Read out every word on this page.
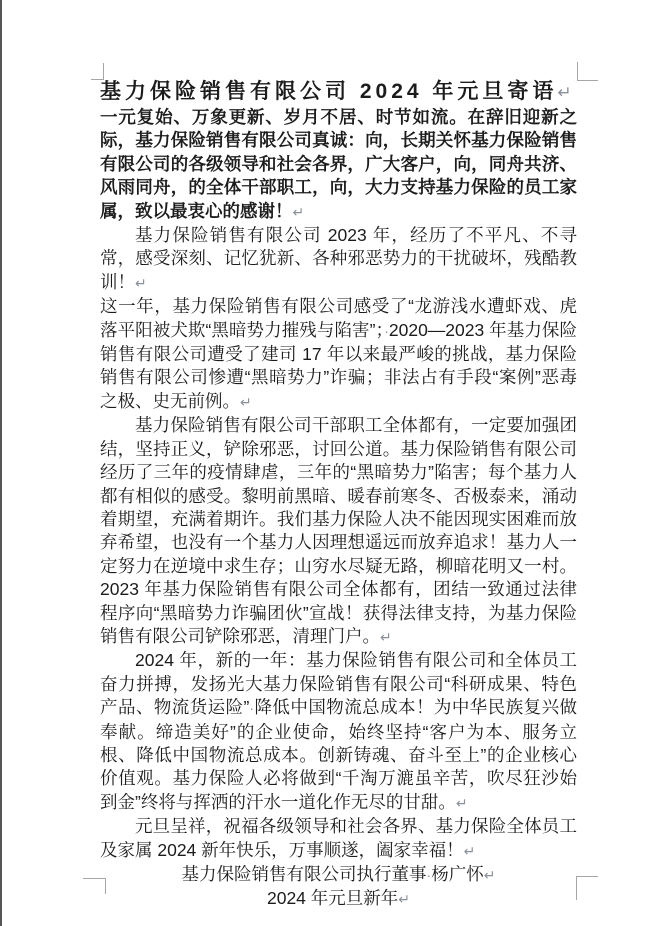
基力保险销售有限公司 2024 年元旦寄语↵

一元复始、万象更新、岁月不居、时节如流。在辞旧迎新之际，基力保险销售有限公司真诚：向，长期关怀基力保险销售有限公司的各级领导和社会各界，广大客户，向，同舟共济、风雨同舟，的全体干部职工，向，大力支持基力保险的员工家属，致以最衷心的感谢！↵

基力保险销售有限公司 2023 年，经历了不平凡、不寻常，感受深刻、记忆犹新、各种邪恶势力的干扰破坏，残酷教训！↵

这一年，基力保险销售有限公司感受了“龙游浅水遭虾戏、虎落平阳被犬欺“黑暗势力摧残与陷害”；·2020—2023 年基力保险销售有限公司遭受了建司 17 年以来最严峻的挑战，基力保险销售有限公司惨遭“黑暗势力”诈骗；非法占有手段“案例”恶毒之极、史无前例。↵

基力保险销售有限公司干部职工全体都有，一定要加强团结，坚持正义，铲除邪恶，讨回公道。基力保险销售有限公司经历了三年的疫情肆虐，三年的“黑暗势力”陷害；每个基力人都有相似的感受。黎明前黑暗、暖春前寒冬、否极泰来，涌动着期望，充满着期许。我们基力保险人决不能因现实困难而放弃希望，也没有一个基力人因理想遥远而放弃追求！基力人一定努力在逆境中求生存；山穷水尽疑无路，柳暗花明又一村。2023 年基力保险销售有限公司全体都有，团结一致通过法律程序向“黑暗势力诈骗团伙”宣战！获得法律支持，为基力保险销售有限公司铲除邪恶，清理门户。↵

2024 年，新的一年：基力保险销售有限公司和全体员工奋力拼搏，发扬光大基力保险销售有限公司“科研成果、特色产品、物流货运险”·降低中国物流总成本！为中华民族复兴做奉献。缔造美好”的企业使命，始终坚持“客户为本、服务立根、降低中国物流总成本。创新铸魂、奋斗至上”的企业核心价值观。基力保险人必将做到“千淘万漉虽辛苦，吹尽狂沙始到金”终将与挥洒的汗水一道化作无尽的甘甜。↵

元旦呈祥，祝福各级领导和社会各界、基力保险全体员工及家属 2024 新年快乐，万事顺遂，阖家幸福！↵

基力保险销售有限公司执行董事·杨广怀↵

2024 年元旦新年↵
